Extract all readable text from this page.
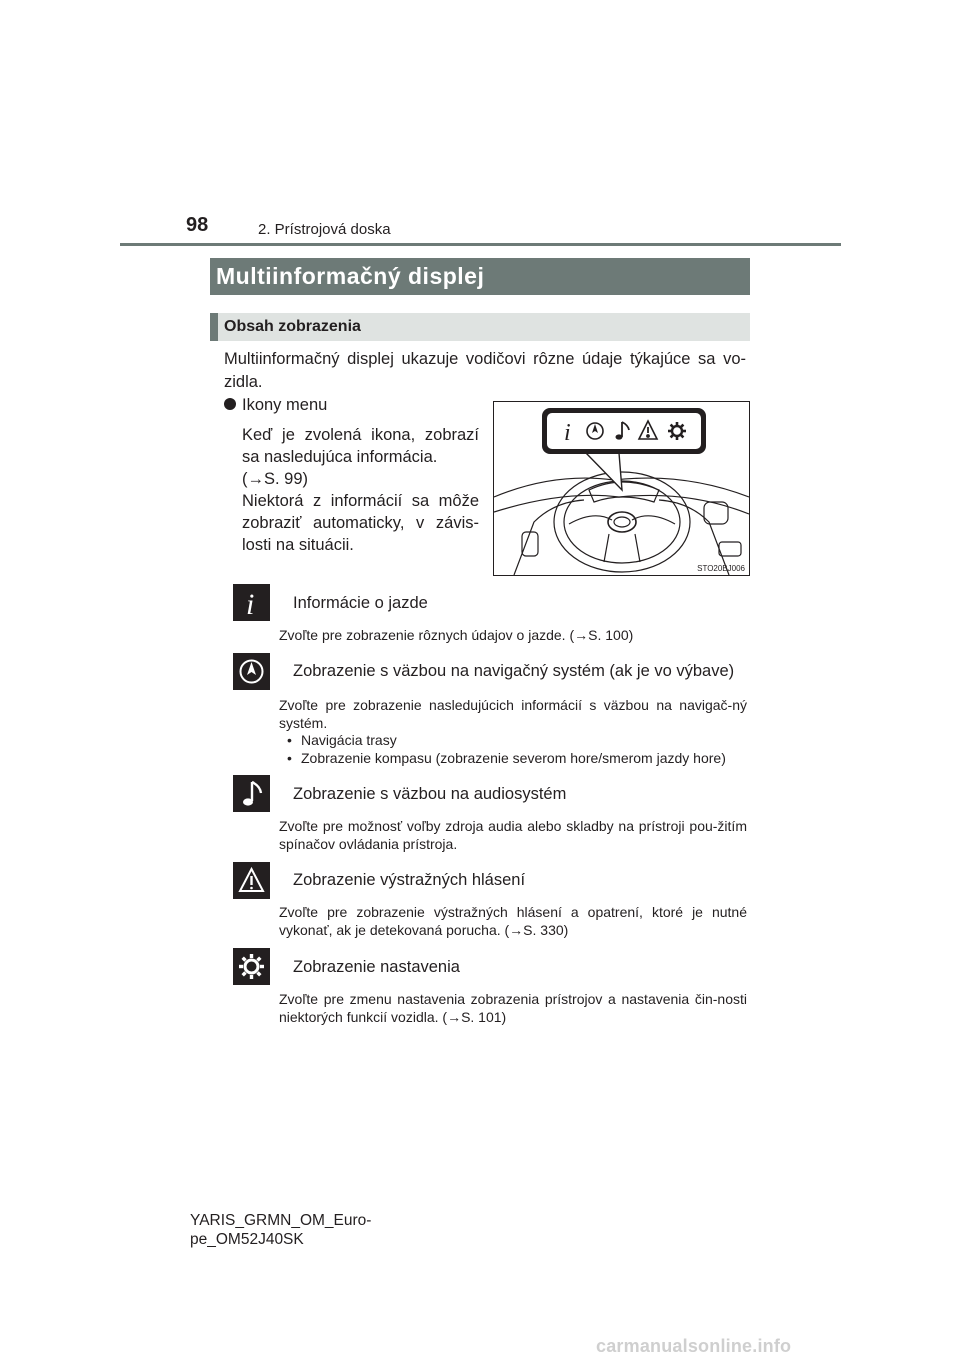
98	2. Prístrojová doska
Multiinformačný displej
Obsah zobrazenia
Multiinformačný displej ukazuje vodičovi rôzne údaje týkajúce sa vo-zidla.
Ikony menu
Keď je zvolená ikona, zobrazí sa nasledujúca informácia.
(→S. 99)
Niektorá z informácií sa môže zobraziť automaticky, v závis-losti na situácii.
i
STO20BJ006
i Informácie o jazde
Zvoľte pre zobrazenie rôznych údajov o jazde. (→S. 100)
Zobrazenie s väzbou na navigačný systém (ak je vo výbave)
Zvoľte pre zobrazenie nasledujúcich informácií s väzbou na navigač-ný systém.
• Navigácia trasy
• Zobrazenie kompasu (zobrazenie severom hore/smerom jazdy hore)
Zobrazenie s väzbou na audiosystém
Zvoľte pre možnosť voľby zdroja audia alebo skladby na prístroji pou-žitím spínačov ovládania prístroja.
Zobrazenie výstražných hlásení
Zvoľte pre zobrazenie výstražných hlásení a opatrení, ktoré je nutné vykonať, ak je detekovaná porucha. (→S. 330)
Zobrazenie nastavenia
Zvoľte pre zmenu nastavenia zobrazenia prístrojov a nastavenia čin-nosti niektorých funkcií vozidla. (→S. 101)
YARIS_GRMN_OM_Euro-
pe_OM52J40SK
carmanualsonline.info
